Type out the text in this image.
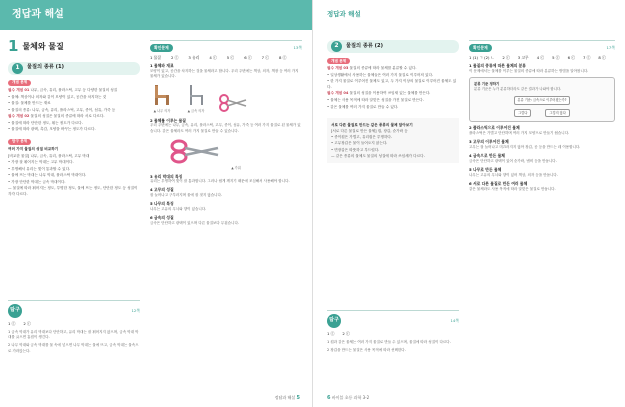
정답과 해설
1 물체와 물질
1	물질의 종류 (1)
개념 문제

필수 개념 01 나무, 금속, 유리, 플라스틱, 고무 등 다양한 물질의 성질

• 물체: 책상이나 의자와 같이 모양이 있고, 공간을 차지하는 것

• 물질: 물체를 만드는 재료

• 물질의 종류: 나무, 금속, 유리, 플라스틱, 고무, 종이, 섬유, 가죽 등

필수 개념 02 물질의 성질은 물질의 종류에 따라 서로 다르다.

• 물질에 따라 단단한 정도, 휘는 정도가 다르다.

• 물질에 따라 광택, 촉감, 모양을 바꾸는 정도가 다르다.

탐구 문제

여러 가지 물질의 성질 비교하기

[비교한 물질] 나무, 금속, 유리, 플라스틱, 고무 막대

• 가장 잘 휘어지는 막대는 고무 막대이다.

• 투명해서 유리는 빛이 통과할 수 있다.

• 물에 뜨는 막대는 나무 막대, 플라스틱 막대이다.

• 가장 단단한 막대는 금속 막대이다.

— 물질에 따라 휘어지는 정도, 투명한 정도, 물에 뜨는 정도, 단단한 정도 등 성질이 각각 다르다.

탐구	12쪽
1 ⓒ 2 ⓒ

1 금속 막대가 유리 막대보다 단단하고, 유리 막대는 잘 휘어지지 않으며, 금속 막대 막대를 긁으면 흠집이 생긴다.

2 나무 막대와 금속 막대를 물 속에 넣으면 나무 막대는 물에 뜨고, 금속 막대는 물속으로 가라앉는다.

확인문제	13쪽
1 물질	2 ⓒ	3 유리	4 ⓒ	5 ⓒ	6 ⓒ	7 ⓒ	8 ⓒ

1 물체와 재료

모양이 있고, 공간을 차지하는 것을 물체라고 합니다. 우리 주변에는 책상, 의자, 책장 등 여러 가지 물체가 있습니다.

▲ 나무 의자	▲ 금속 의자

2 물체를 이루는 물질

우리 주변에는 나무, 금속, 유리, 플라스틱, 고무, 종이, 섬유, 가죽 등 여러 가지 물질로 된 물체가 있습니다. 같은 물체라도 여러 가지 물질로 만들 수 있습니다.

▲ 가위

3 유리 막대의 특징

유리는 투명하여 빛이 잘 통과합니다. 그러나 쉽게 깨지기 때문에 조심해서 사용해야 합니다.

4 고무의 성질

잘 늘어나고 구부러지며 물에 잘 젖지 않습니다.

5 나무의 특징

나무는 고유의 무늬와 향이 있습니다.

6 금속의 성질

금속은 단단하고 광택이 있으며 다른 물질보다 무겁습니다.

정답과 해설 5
정답과 해설
2	물질의 종류 (2)
개념 문제

필수 개념 03 물질의 종류에 따라 물체를 분류할 수 있다.

• 일상생활에서 사용하는 물체들은 여러 가지 물질로 이루어져 있다.

• 한 가지 물질로 이루어진 물체도 있고, 두 가지 이상의 물질로 이루어진 물체도 있다.

필수 개념 04 물질의 성질을 이용하여 쓰임새 있는 물체를 만든다.

• 물체는 사용 목적에 따라 알맞은 성질을 가진 물질로 만든다.

• 같은 물체를 여러 가지 물질로 만들 수 있다.

서로 다른 물질로 만드는 같은 종류의 물체 알아보기

[서로 다른 물질로 만든 물체] 컵, 장갑, 숟가락 등

• 종이컵은 가볍고, 유리컵은 투명하다.

• 고무장갑은 물이 들어오지 않는다.

• 면장갑은 따뜻하고 부드럽다.

— 같은 종류의 물체도 물질의 성질에 따라 쓰임새가 다르다.

탐구	14쪽
1 ⓒ 2 ⓒ

1 컵과 같은 물체는 여러 가지 물질로 만들 수 있으며, 물질에 따라 성질이 다르다.

2 장갑을 만드는 물질은 사용 목적에 따라 선택한다.

확인문제	17쪽
1 (1) ㄱ (2) ㄴ 2 ⓒ 3 고무 4 ⓒ 5 ⓒ 6 ⓒ 7 ⓒ 8 ⓒ

1 물질의 종류에 따른 물체의 분류

이 문제에서는 물체를 이루는 물질의 종류에 따라 분류하는 방법을 알아봅니다.

분류 기준 정하기

분류 기준은 누가 분류하더라도 같은 결과가 나와야 합니다.

분류 기준: 금속으로 이루어졌는가?
그렇다	그렇지 않다

2 플라스틱으로 이루어진 물체

플라스틱은 가볍고 단단하며 여러 가지 모양으로 만들기 쉽습니다.

3 고무의 이루어진 물체

고무는 잘 늘어나고 미끄러지지 않아 장갑, 공 등을 만드는 데 이용합니다.

4 금속으로 만든 물체

금속은 단단하고 광택이 있어 숟가락, 냄비 등을 만듭니다.

5 나무로 만든 물체

나무는 고유의 무늬와 향이 있어 책상, 의자 등을 만듭니다.

6 서로 다른 물질로 만든 여러 물체

같은 물체라도 사용 목적에 따라 알맞은 물질로 만듭니다.

6 바이블 초등 과학 3-2
